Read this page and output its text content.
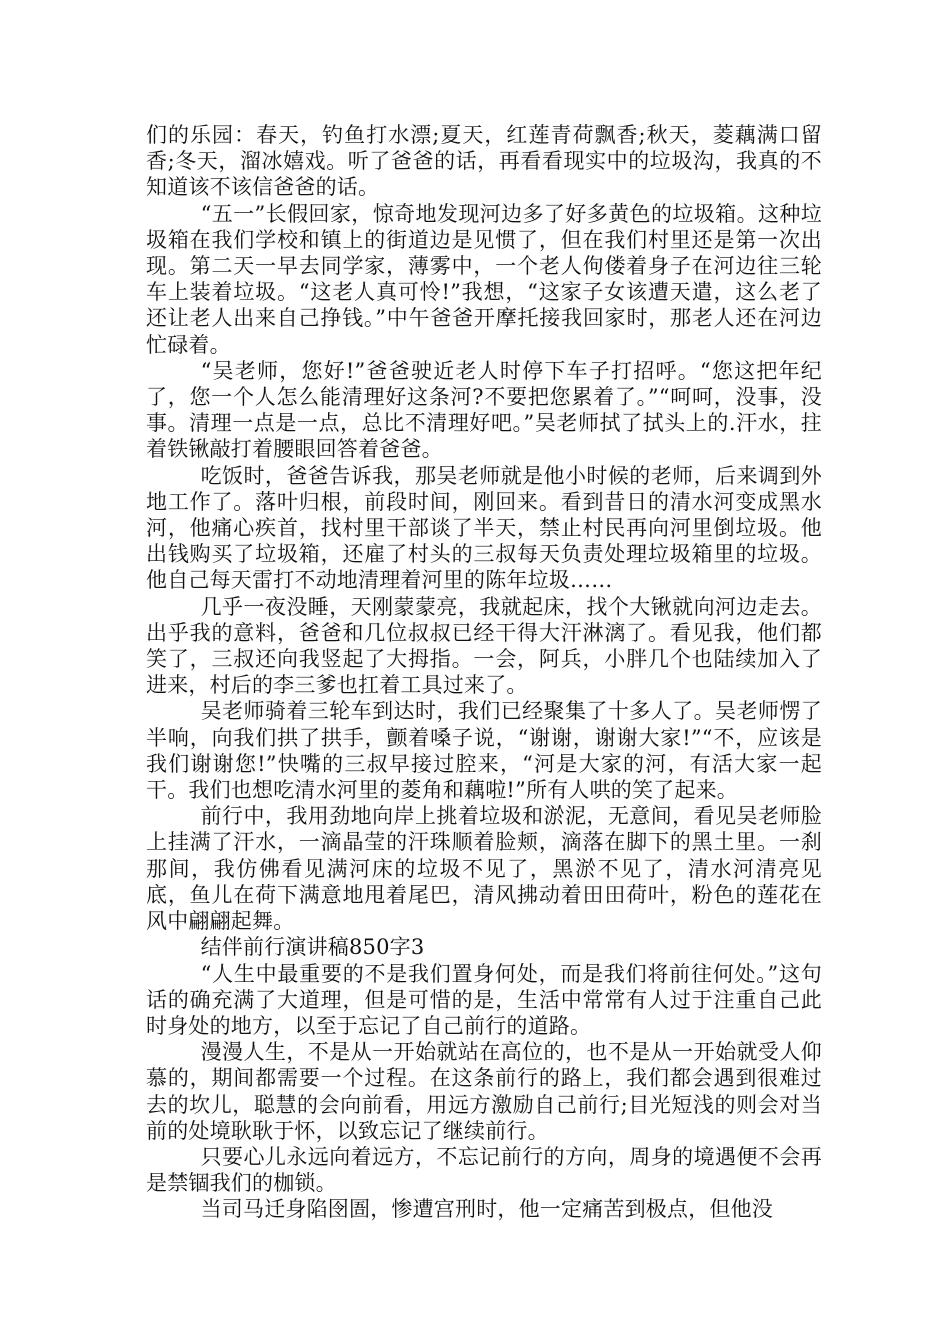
们的乐园：春天，钓鱼打水漂;夏天，红莲青荷飘香;秋天，菱藕满口留香;冬天，溜冰嬉戏。听了爸爸的话，再看看现实中的垃圾沟，我真的不知道该不该信爸爸的话。

“五一”长假回家，惊奇地发现河边多了好多黄色的垃圾箱。这种垃圾箱在我们学校和镇上的街道边是见惯了，但在我们村里还是第一次出现。第二天一早去同学家，薄雾中，一个老人佝偻着身子在河边往三轮车上装着垃圾。“这老人真可怜!”我想，“这家子女该遭天遣，这么老了还让老人出来自己挣钱。”中午爸爸开摩托接我回家时，那老人还在河边忙碌着。

“吴老师，您好!”爸爸驶近老人时停下车子打招呼。“您这把年纪了，您一个人怎么能清理好这条河?不要把您累着了。”“呵呵，没事，没事。清理一点是一点，总比不清理好吧。”吴老师拭了拭头上的.汗水，拄着铁锹敲打着腰眼回答着爸爸。

吃饭时，爸爸告诉我，那吴老师就是他小时候的老师，后来调到外地工作了。落叶归根，前段时间，刚回来。看到昔日的清水河变成黑水河，他痛心疾首，找村里干部谈了半天，禁止村民再向河里倒垃圾。他出钱购买了垃圾箱，还雇了村头的三叔每天负责处理垃圾箱里的垃圾。他自己每天雷打不动地清理着河里的陈年垃圾……

几乎一夜没睡，天刚蒙蒙亮，我就起床，找个大锹就向河边走去。出乎我的意料，爸爸和几位叔叔已经干得大汗淋漓了。看见我，他们都笑了，三叔还向我竖起了大拇指。一会，阿兵，小胖几个也陆续加入了进来，村后的李三爹也扛着工具过来了。

吴老师骑着三轮车到达时，我们已经聚集了十多人了。吴老师愣了半响，向我们拱了拱手，颤着嗓子说，“谢谢，谢谢大家!”“不，应该是我们谢谢您!”快嘴的三叔早接过腔来，“河是大家的河，有活大家一起干。我们也想吃清水河里的菱角和藕啦!”所有人哄的笑了起来。

前行中，我用劲地向岸上挑着垃圾和淤泥，无意间，看见吴老师脸上挂满了汗水，一滴晶莹的汗珠顺着脸颊，滴落在脚下的黑土里。一刹那间，我仿佛看见满河床的垃圾不见了，黑淤不见了，清水河清亮见底，鱼儿在荷下满意地甩着尾巴，清风拂动着田田荷叶，粉色的莲花在风中翩翩起舞。

结伴前行演讲稿850字3

“人生中最重要的不是我们置身何处，而是我们将前往何处。”这句话的确充满了大道理，但是可惜的是，生活中常常有人过于注重自己此时身处的地方，以至于忘记了自己前行的道路。

漫漫人生，不是从一开始就站在高位的，也不是从一开始就受人仰慕的，期间都需要一个过程。在这条前行的路上，我们都会遇到很难过去的坎儿，聪慧的会向前看，用远方激励自己前行;目光短浅的则会对当前的处境耿耿于怀，以致忘记了继续前行。

只要心儿永远向着远方，不忘记前行的方向，周身的境遇便不会再是禁锢我们的枷锁。

当司马迁身陷囹圄，惨遭宫刑时，他一定痛苦到极点，但他没
